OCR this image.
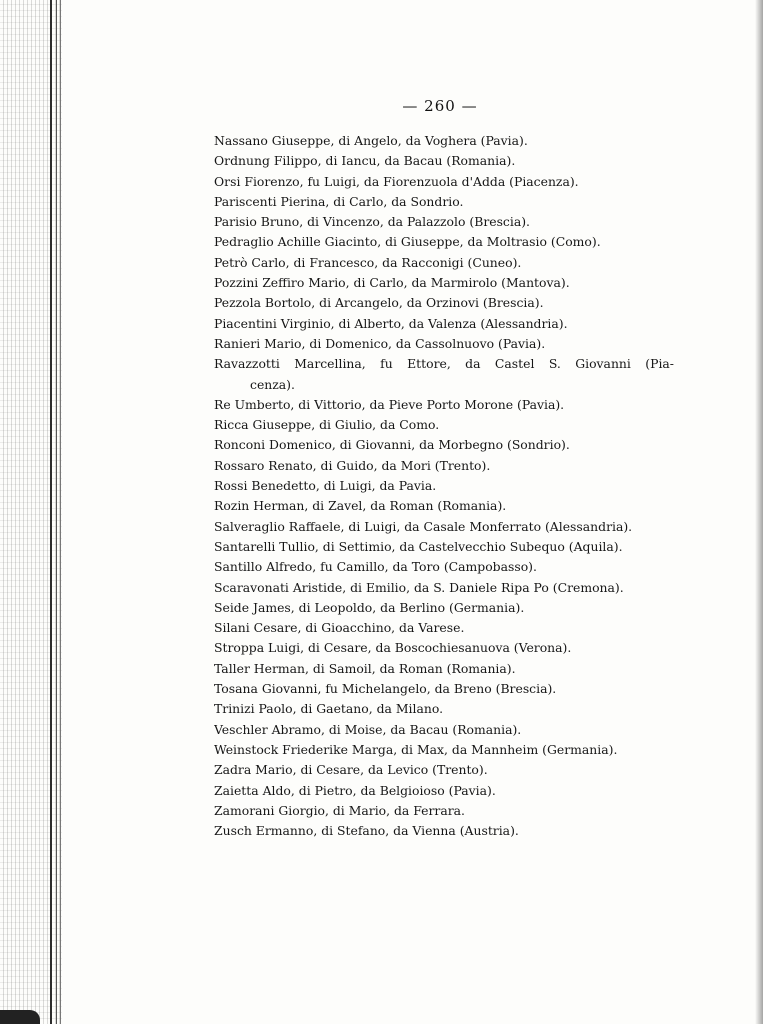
— 260 —
Nassano Giuseppe, di Angelo, da Voghera (Pavia).
Ordnung Filippo, di Iancu, da Bacau (Romania).
Orsi Fiorenzo, fu Luigi, da Fiorenzuola d'Adda (Piacenza).
Pariscenti Pierina, di Carlo, da Sondrio.
Parisio Bruno, di Vincenzo, da Palazzolo (Brescia).
Pedraglio Achille Giacinto, di Giuseppe, da Moltrasio (Como).
Petrò Carlo, di Francesco, da Racconigi (Cuneo).
Pozzini Zeffiro Mario, di Carlo, da Marmirolo (Mantova).
Pezzola Bortolo, di Arcangelo, da Orzinovi (Brescia).
Piacentini Virginio, di Alberto, da Valenza (Alessandria).
Ranieri Mario, di Domenico, da Cassolnuovo (Pavia).
Ravazzotti Marcellina, fu Ettore, da Castel S. Giovanni (Pia-
cenza).
Re Umberto, di Vittorio, da Pieve Porto Morone (Pavia).
Ricca Giuseppe, di Giulio, da Como.
Ronconi Domenico, di Giovanni, da Morbegno (Sondrio).
Rossaro Renato, di Guido, da Mori (Trento).
Rossi Benedetto, di Luigi, da Pavia.
Rozin Herman, di Zavel, da Roman (Romania).
Salveraglio Raffaele, di Luigi, da Casale Monferrato (Alessandria).
Santarelli Tullio, di Settimio, da Castelvecchio Subequo (Aquila).
Santillo Alfredo, fu Camillo, da Toro (Campobasso).
Scaravonati Aristide, di Emilio, da S. Daniele Ripa Po (Cremona).
Seide James, di Leopoldo, da Berlino (Germania).
Silani Cesare, di Gioacchino, da Varese.
Stroppa Luigi, di Cesare, da Boscochiesanuova (Verona).
Taller Herman, di Samoil, da Roman (Romania).
Tosana Giovanni, fu Michelangelo, da Breno (Brescia).
Trinizi Paolo, di Gaetano, da Milano.
Veschler Abramo, di Moise, da Bacau (Romania).
Weinstock Friederike Marga, di Max, da Mannheim (Germania).
Zadra Mario, di Cesare, da Levico (Trento).
Zaietta Aldo, di Pietro, da Belgioioso (Pavia).
Zamorani Giorgio, di Mario, da Ferrara.
Zusch Ermanno, di Stefano, da Vienna (Austria).
